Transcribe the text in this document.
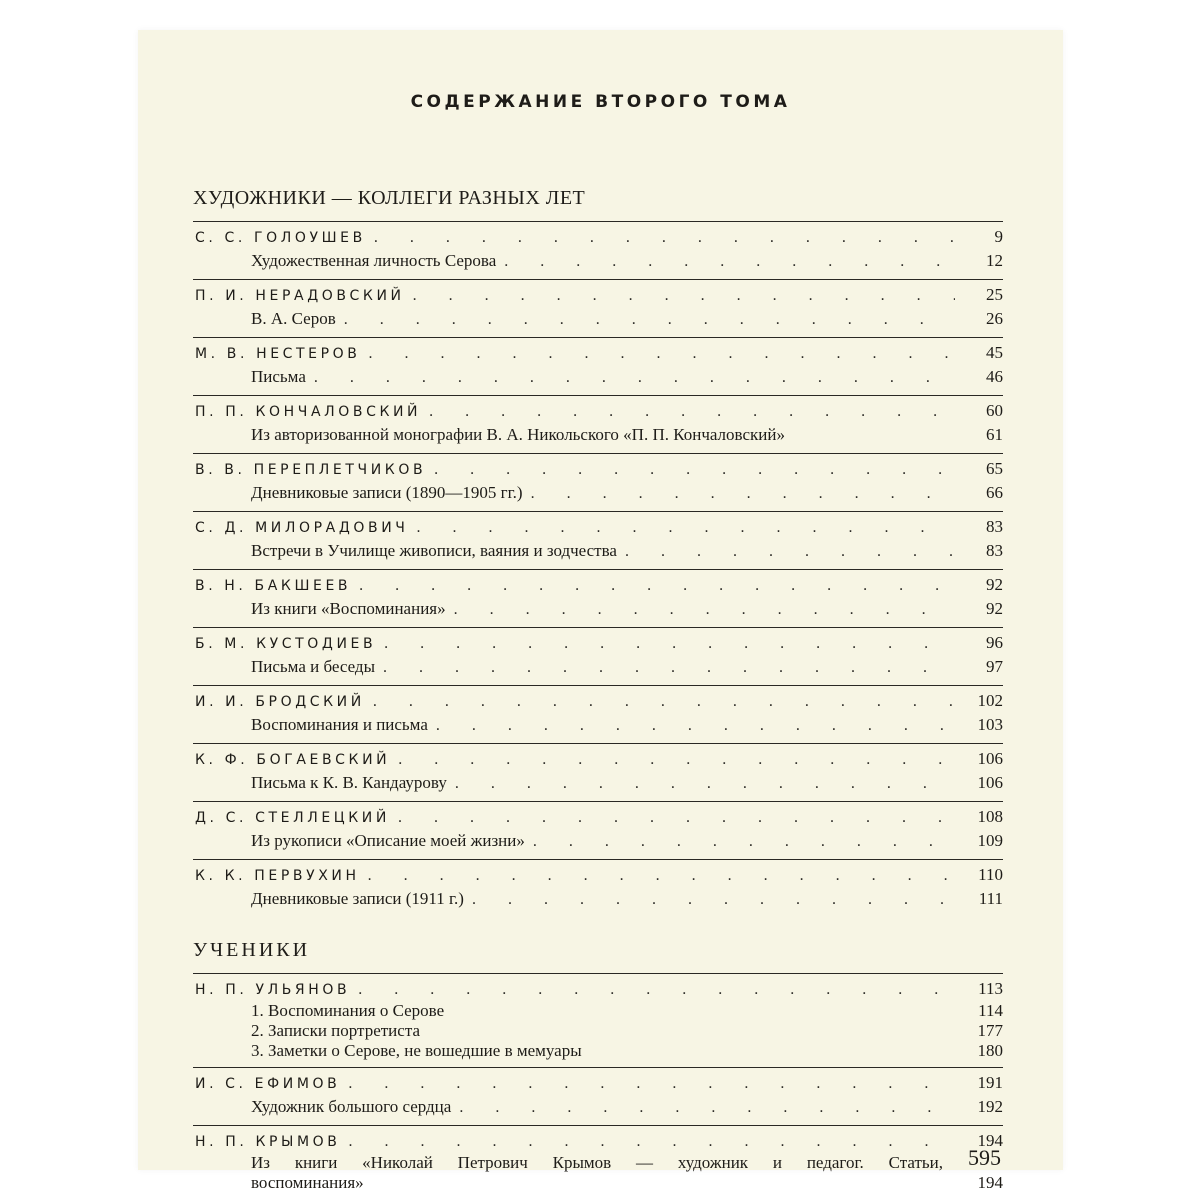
СОДЕРЖАНИЕ ВТОРОГО ТОМА
ХУДОЖНИКИ — КОЛЛЕГИ РАЗНЫХ ЛЕТ
С. С. ГОЛОУШЕВ . . .	9
Художественная личность Серова . . .	12
П. И. НЕРАДОВСКИЙ . . .	25
В. А. Серов . . .	26
М. В. НЕСТЕРОВ . . .	45
Письма . . .	46
П. П. КОНЧАЛОВСКИЙ . . .	60
Из авторизованной монографии В. А. Никольского «П. П. Кончаловский»	61
В. В. ПЕРЕПЛЕТЧИКОВ . . .	65
Дневниковые записи (1890—1905 гг.) . . .	66
С. Д. МИЛОРАДОВИЧ . . .	83
Встречи в Училище живописи, ваяния и зодчества . . .	83
В. Н. БАКШЕЕВ . . .	92
Из книги «Воспоминания» . . .	92
Б. М. КУСТОДИЕВ . . .	96
Письма и беседы . . .	97
И. И. БРОДСКИЙ . . .	102
Воспоминания и письма . . .	103
К. Ф. БОГАЕВСКИЙ . . .	106
Письма к К. В. Кандаурову . . .	106
Д. С. СТЕЛЛЕЦКИЙ . . .	108
Из рукописи «Описание моей жизни» . . .	109
К. К. ПЕРВУХИН . . .	110
Дневниковые записи (1911 г.) . . .	111
УЧЕНИКИ
Н. П. УЛЬЯНОВ . . .	113
1. Воспоминания о Серове	114
2. Записки портретиста	177
3. Заметки о Серове, не вошедшие в мемуары	180
И. С. ЕФИМОВ . . .	191
Художник большого сердца . . .	192
Н. П. КРЫМОВ . . .	194
Из книги «Николай Петрович Крымов — художник и педагог. Статьи,
воспоминания»	194
595
